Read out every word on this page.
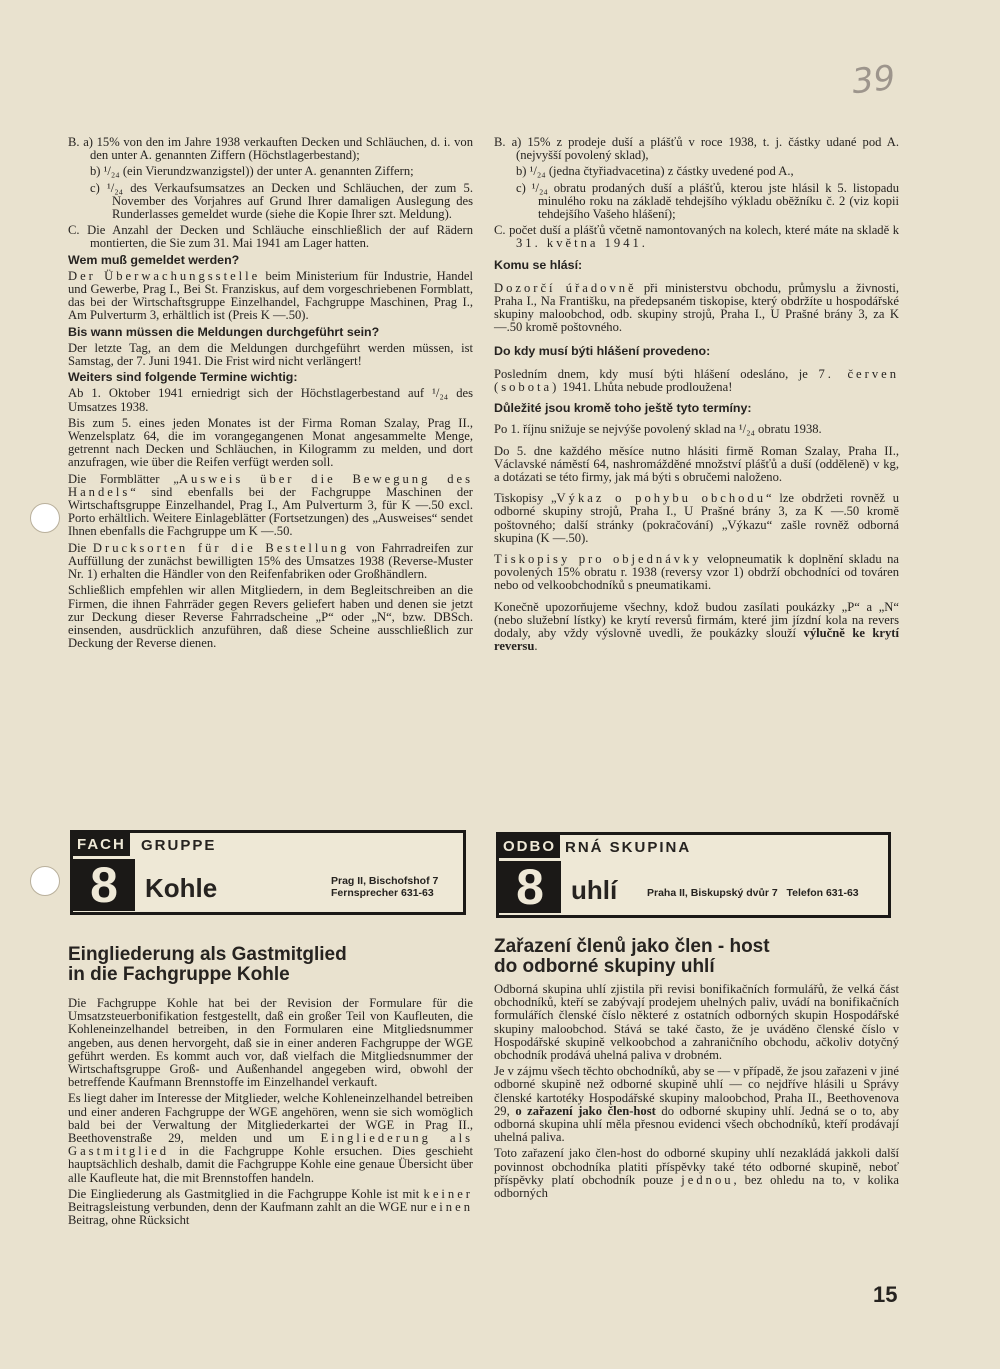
39

B. a) 15% von den im Jahre 1938 verkauften Decken und Schläuchen, d. i. von den unter A. genannten Ziffern (Höchstlagerbestand);

b) ¹/₂₄ (ein Vierundzwanzigstel)) der unter A. genannten Ziffern;

c) ¹/₂₄ des Verkaufsumsatzes an Decken und Schläuchen, der zum 5. November des Vorjahres auf Grund Ihrer damaligen Auslegung des Runderlasses gemeldet wurde (siehe die Kopie Ihrer szt. Meldung).

C. Die Anzahl der Decken und Schläuche einschließlich der auf Rädern montierten, die Sie zum 31. Mai 1941 am Lager hatten.

Wem muß gemeldet werden?

Der Überwachungsstelle beim Ministerium für Industrie, Handel und Gewerbe, Prag I., Bei St. Franziskus, auf dem vorgeschriebenen Formblatt, das bei der Wirtschaftsgruppe Einzelhandel, Fachgruppe Maschinen, Prag I., Am Pulverturm 3, erhältlich ist (Preis K —.50).

Bis wann müssen die Meldungen durchgeführt sein?

Der letzte Tag, an dem die Meldungen durchgeführt werden müssen, ist Samstag, der 7. Juni 1941. Die Frist wird nicht verlängert!

Weiters sind folgende Termine wichtig:

Ab 1. Oktober 1941 erniedrigt sich der Höchstlagerbestand auf ¹/₂₄ des Umsatzes 1938.

Bis zum 5. eines jeden Monates ist der Firma Roman Szalay, Prag II., Wenzelsplatz 64, die im vorangegangenen Monat angesammelte Menge, getrennt nach Decken und Schläuchen, in Kilogramm zu melden, und dort anzufragen, wie über die Reifen verfügt werden soll.

Die Formblätter „Ausweis über die Bewegung des Handels“ sind ebenfalls bei der Fachgruppe Maschinen der Wirtschaftsgruppe Einzelhandel, Prag I., Am Pulverturm 3, für K —.50 excl. Porto erhältlich. Weitere Einlageblätter (Fortsetzungen) des „Ausweises“ sendet Ihnen ebenfalls die Fachgruppe um K —.50.

Die Drucksorten für die Bestellung von Fahrradreifen zur Auffüllung der zunächst bewilligten 15% des Umsatzes 1938 (Reverse-Muster Nr. 1) erhalten die Händler von den Reifenfabriken oder Großhändlern.

Schließlich empfehlen wir allen Mitgliedern, in dem Begleitschreiben an die Firmen, die ihnen Fahrräder gegen Revers geliefert haben und denen sie jetzt zur Deckung dieser Reverse Fahrradscheine „P“ oder „N“, bzw. DBSch. einsenden, ausdrücklich anzuführen, daß diese Scheine ausschließlich zur Deckung der Reverse dienen.

B. a) 15% z prodeje duší a plášťů v roce 1938, t. j. částky udané pod A. (nejvyšší povolený sklad),

b) ¹/₂₄ (jedna čtyřiadvacetina) z částky uvedené pod A.,

c) ¹/₂₄ obratu prodaných duší a plášťů, kterou jste hlásil k 5. listopadu minulého roku na základě tehdejšího výkladu oběžníku č. 2 (viz kopii tehdejšího Vašeho hlášení);

C. počet duší a plášťů včetně namontovaných na kolech, které máte na skladě k 31. května 1941.

Komu se hlásí:

Dozorčí úřadovně při ministerstvu obchodu, průmyslu a živnosti, Praha I., Na Františku, na předepsaném tiskopise, který obdržíte u hospodářské skupiny maloobchod, odb. skupiny strojů, Praha I., U Prašné brány 3, za K —.50 kromě poštovného.

Do kdy musí býti hlášení provedeno:

Posledním dnem, kdy musí býti hlášení odesláno, je 7. červen (sobota) 1941. Lhůta nebude prodloužena!

Důležité jsou kromě toho ještě tyto termíny:

Po 1. říjnu snižuje se nejvýše povolený sklad na ¹/₂₄ obratu 1938.

Do 5. dne každého měsíce nutno hlásiti firmě Roman Szalay, Praha II., Václavské náměstí 64, nashromážděné množství plášťů a duší (odděleně) v kg, a dotázati se této firmy, jak má býti s obručemi naloženo.

Tiskopisy „Výkaz o pohybu obchodu“ lze obdržeti rovněž u odborné skupiny strojů, Praha I., U Prašné brány 3, za K —.50 kromě poštovného; další stránky (pokračování) „Výkazu“ zašle rovněž odborná skupina (K —.50).

Tiskopisy pro objednávky velopneumatik k doplnění skladu na povolených 15% obratu r. 1938 (reversy vzor 1) obdrží obchodníci od továren nebo od velkoobchodníků s pneumatikami.

Konečně upozorňujeme všechny, kdož budou zasílati poukázky „P“ a „N“ (nebo služební lístky) ke krytí reversů firmám, které jim jízdní kola na revers dodaly, aby vždy výslovně uvedli, že poukázky slouží výlučně ke krytí reversu.

FACH GRUPPE
8	Kohle	Prag II, Bischofshof 7
Fernsprecher 631-63
ODBO RNÁ SKUPINA
8	uhlí	Praha II, Biskupský dvůr 7   Telefon 631-63
Eingliederung als Gastmitglied
in die Fachgruppe Kohle

Die Fachgruppe Kohle hat bei der Revision der Formulare für die Umsatzsteuerbonifikation festgestellt, daß ein großer Teil von Kaufleuten, die Kohleneinzelhandel betreiben, in den Formularen eine Mitgliedsnummer angeben, aus denen hervorgeht, daß sie in einer anderen Fachgruppe der WGE geführt werden. Es kommt auch vor, daß vielfach die Mitgliedsnummer der Wirtschaftsgruppe Groß- und Außenhandel angegeben wird, obwohl der betreffende Kaufmann Brennstoffe im Einzelhandel verkauft.

Es liegt daher im Interesse der Mitglieder, welche Kohleneinzelhandel betreiben und einer anderen Fachgruppe der WGE angehören, wenn sie sich womöglich bald bei der Verwaltung der Mitgliederkartei der WGE in Prag II., Beethovenstraße 29, melden und um Eingliederung als Gastmitglied in die Fachgruppe Kohle ersuchen. Dies geschieht hauptsächlich deshalb, damit die Fachgruppe Kohle eine genaue Übersicht über alle Kaufleute hat, die mit Brennstoffen handeln.

Die Eingliederung als Gastmitglied in die Fachgruppe Kohle ist mit keiner Beitragsleistung verbunden, denn der Kaufmann zahlt an die WGE nur einen Beitrag, ohne Rücksicht

Zařazení členů jako člen - host
do odborné skupiny uhlí

Odborná skupina uhlí zjistila při revisi bonifikačních formulářů, že velká část obchodníků, kteří se zabývají prodejem uhelných paliv, uvádí na bonifikačních formulářích členské číslo některé z ostatních odborných skupin Hospodářské skupiny maloobchod. Stává se také často, že je uváděno členské číslo v Hospodářské skupině velkoobchod a zahraničního obchodu, ačkoliv dotyčný obchodník prodává uhelná paliva v drobném.

Je v zájmu všech těchto obchodníků, aby se — v případě, že jsou zařazeni v jiné odborné skupině než odborné skupině uhlí — co nejdříve hlásili u Správy členské kartotéky Hospodářské skupiny maloobchod, Praha II., Beethovenova 29, o zařazení jako člen-host do odborné skupiny uhlí. Jedná se o to, aby odborná skupina uhlí měla přesnou evidenci všech obchodníků, kteří prodávají uhelná paliva.

Toto zařazení jako člen-host do odborné skupiny uhlí nezakládá jakkoli další povinnost obchodníka platiti příspěvky také této odborné skupině, neboť příspěvky platí obchodník pouze jednou, bez ohledu na to, v kolika odborných

15
